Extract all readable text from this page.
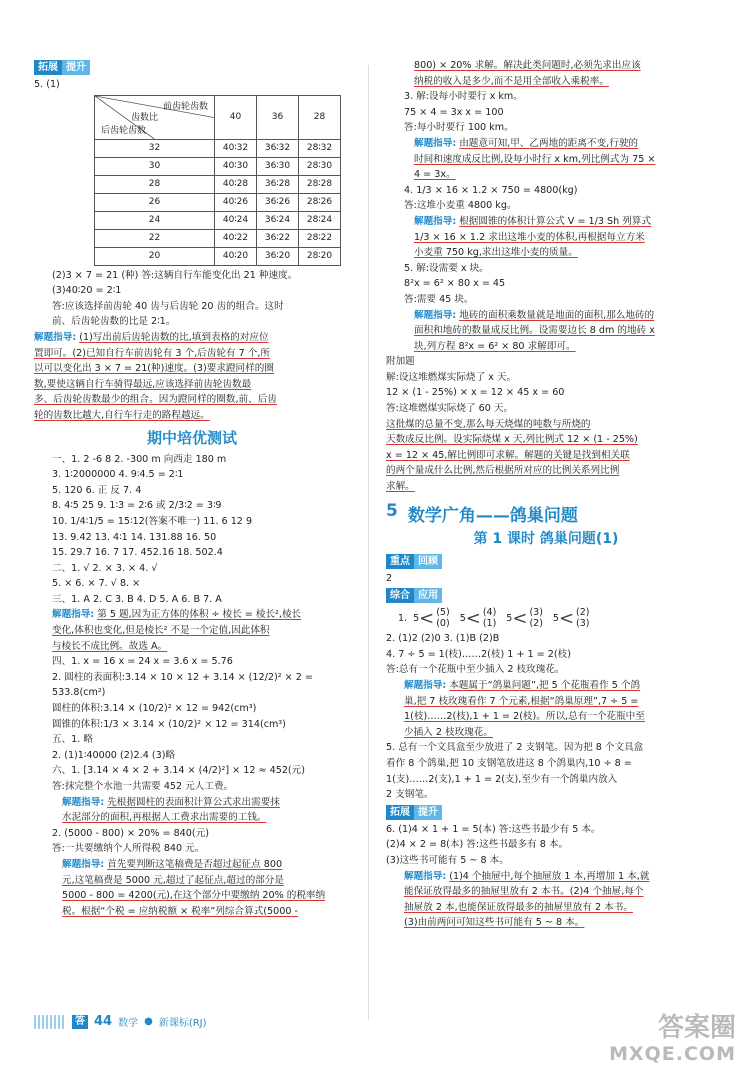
拓展 提升
5. (1)
前齿轮齿数
齿数比
后齿轮齿数	40	36	28
32	40∶32	36∶32	28∶32
30	40∶30	36∶30	28∶30
28	40∶28	36∶28	28∶28
26	40∶26	36∶26	28∶26
24	40∶24	36∶24	28∶24
22	40∶22	36∶22	28∶22
20	40∶20	36∶20	28∶20
(2)3 × 7 = 21 (种) 答:这辆自行车能变化出 21 种速度。
(3)40∶20 = 2∶1
答:应该选择前齿轮 40 齿与后齿轮 20 齿的组合。这时
前、后齿轮齿数的比是 2∶1。
解题指导: (1)写出前后齿轮齿数的比,填到表格的对应位
置即可。(2)已知自行车前齿轮有 3 个,后齿轮有 7 个,所
以可以变化出 3 × 7 = 21(种)速度。(3)要求蹬同样的圈
数,要使这辆自行车骑得最远,应该选择前齿轮齿数最
多、后齿轮齿数最少的组合。因为蹬同样的圈数,前、后齿
轮的齿数比越大,自行车行走的路程越远。
期中培优测试
一、1. 2 -6 8 2. -300 m 向西走 180 m
3. 1∶2000000 4. 9∶4.5 = 2∶1
5. 120 6. 正 反 7. 4
8. 4∶5 25 9. 1∶3 = 2∶6 或 2/3∶2 = 3∶9
10. 1/4∶1/5 = 15∶12(答案不唯一) 11. 6 12 9
13. 9.42 13. 4∶1 14. 131.88 16. 50
15. 29.7 16. 7 17. 452.16 18. 502.4
二、1. √ 2. × 3. × 4. √
5. × 6. × 7. √ 8. ×
三、1. A 2. C 3. B 4. D 5. A 6. B 7. A
解题指导: 第 5 题,因为正方体的体积 ÷ 棱长 = 棱长²,棱长
变化,体积也变化,但是棱长² 不是一个定值,因此体积
与棱长不成比例。故选 A。
四、1. x = 16 x = 24 x = 3.6 x = 5.76
2. 圆柱的表面积:3.14 × 10 × 12 + 3.14 × (12/2)² × 2 =
533.8(cm²)
圆柱的体积:3.14 × (10/2)² × 12 = 942(cm³)
圆锥的体积:1/3 × 3.14 × (10/2)² × 12 = 314(cm³)
五、1. 略
2. (1)1∶40000 (2)2.4 (3)略
六、1. [3.14 × 4 × 2 + 3.14 × (4/2)²] × 12 ≈ 452(元)
答:抹完整个水池一共需要 452 元人工费。
解题指导: 先根据圆柱的表面积计算公式求出需要抹
水泥部分的面积,再根据人工费求出需要的工钱。
2. (5000 - 800) × 20% = 840(元)
答:一共要缴纳个人所得税 840 元。
解题指导: 首先要判断这笔稿费是否超过起征点 800
元,这笔稿费是 5000 元,超过了起征点,超过的部分是
5000 - 800 = 4200(元),在这个部分中要缴纳 20% 的税率纳
税。根据“个税 = 应纳税额 × 税率”列综合算式(5000 -
800) × 20% 求解。解决此类问题时,必须先求出应该
纳税的收入是多少,而不是用全部收入乘税率。
3. 解:设每小时要行 x km。
75 × 4 = 3x x = 100
答:每小时要行 100 km。
解题指导: 由题意可知,甲、乙两地的距离不变,行驶的
时间和速度成反比例,设每小时行 x km,列比例式为 75 ×
4 = 3x。
4. 1/3 × 16 × 1.2 × 750 = 4800(kg)
答:这堆小麦重 4800 kg。
解题指导: 根据圆锥的体积计算公式 V = 1/3 Sh 列算式
1/3 × 16 × 1.2 求出这堆小麦的体积,再根据每立方米
小麦重 750 kg,求出这堆小麦的质量。
5. 解:设需要 x 块。
8²x = 6² × 80 x = 45
答:需要 45 块。
解题指导: 地砖的面积乘数量就是地面的面积,那么地砖的
面积和地砖的数量成反比例。设需要边长 8 dm 的地砖 x
块,列方程 8²x = 6² × 80 求解即可。
附加题
解:设这堆燃煤实际烧了 x 天。
12 × (1 - 25%) × x = 12 × 45 x = 60
答:这堆燃煤实际烧了 60 天。
这批煤的总量不变,那么每天烧煤的吨数与所烧的
天数成反比例。设实际烧煤 x 天,列比例式 12 × (1 - 25%)
x = 12 × 45,解比例即可求解。解题的关键是找到相关联
的两个量成什么比例,然后根据所对应的比例关系列比例
求解。
5 数学广角——鸽巢问题
第 1 课时 鸽巢问题(1)
重点 回顾
2
综合 应用
1. 5 < (5)
(0) 5 < (4)
(1) 5 < (3)
(2) 5 < (2)
(3)
2. (1)2 (2)0 3. (1)B (2)B
4. 7 ÷ 5 = 1(枝)……2(枝) 1 + 1 = 2(枝)
答:总有一个花瓶中至少插入 2 枝玫瑰花。
解题指导: 本题属于“鸽巢问题”,把 5 个花瓶看作 5 个鸽
巢,把 7 枝玫瑰看作 7 个元素,根据“鸽巢原理”,7 ÷ 5 =
1(枝)……2(枝),1 + 1 = 2(枝)。所以,总有一个花瓶中至
少插入 2 枝玫瑰花。
5. 总有一个文具盒至少放进了 2 支钢笔。因为把 8 个文具盒
看作 8 个鸽巢,把 10 支钢笔放进这 8 个鸽巢内,10 ÷ 8 =
1(支)……2(支),1 + 1 = 2(支),至少有一个鸽巢内放入
2 支钢笔。
拓展 提升
6. (1)4 × 1 + 1 = 5(本) 答:这些书最少有 5 本。
(2)4 × 2 = 8(本) 答:这些书最多有 8 本。
(3)这些书可能有 5 ~ 8 本。
解题指导: (1)4 个抽屉中,每个抽屉放 1 本,再增加 1 本,就
能保证放得最多的抽屉里放有 2 本书。(2)4 个抽屉,每个
抽屉放 2 本,也能保证放得最多的抽屉里放有 2 本书。
(3)由前两问可知这些书可能有 5 ~ 8 本。
答 44 数学 ● 新课标(RJ)	答案圈
MXQE.COM
